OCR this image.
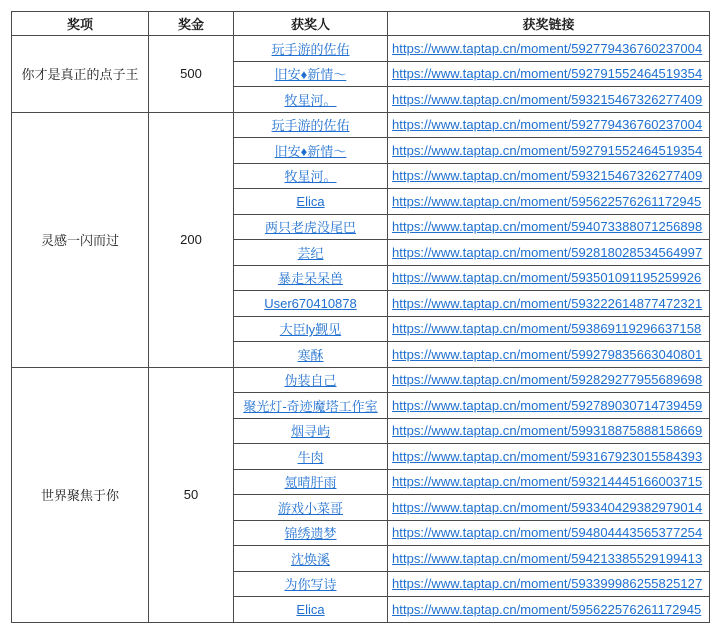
奖项	奖金	获奖人	获奖链接
你才是真正的点子王	500	玩手游的佐佑	https://www.taptap.cn/moment/592779436760237004
		旧安♦新情～	https://www.taptap.cn/moment/592791552464519354
		牧星河。	https://www.taptap.cn/moment/593215467326277409
灵感一闪而过	200	玩手游的佐佑	https://www.taptap.cn/moment/592779436760237004
		旧安♦新情～	https://www.taptap.cn/moment/592791552464519354
		牧星河。	https://www.taptap.cn/moment/593215467326277409
		Elica	https://www.taptap.cn/moment/595622576261172945
		两只老虎没尾巴	https://www.taptap.cn/moment/594073388071256898
		芸纪	https://www.taptap.cn/moment/592818028534564997
		暴走呆呆兽	https://www.taptap.cn/moment/593501091195259926
		User670410878	https://www.taptap.cn/moment/593222614877472321
		大臣ly觐见	https://www.taptap.cn/moment/593869119296637158
		寒酥	https://www.taptap.cn/moment/599279835663040801
世界聚焦于你	50	伪装自己	https://www.taptap.cn/moment/592829277955689698
		聚光灯-奇迹魔塔工作室	https://www.taptap.cn/moment/592789030714739459
		烟寻屿	https://www.taptap.cn/moment/599318875888158669
		牛肉	https://www.taptap.cn/moment/593167923015584393
		氪晴肝雨	https://www.taptap.cn/moment/593214445166003715
		游戏小菜哥	https://www.taptap.cn/moment/593340429382979014
		锦绣遗梦	https://www.taptap.cn/moment/594804443565377254
		沈焕溪	https://www.taptap.cn/moment/594213385529199413
		为你写诗	https://www.taptap.cn/moment/593399986255825127
		Elica	https://www.taptap.cn/moment/595622576261172945
